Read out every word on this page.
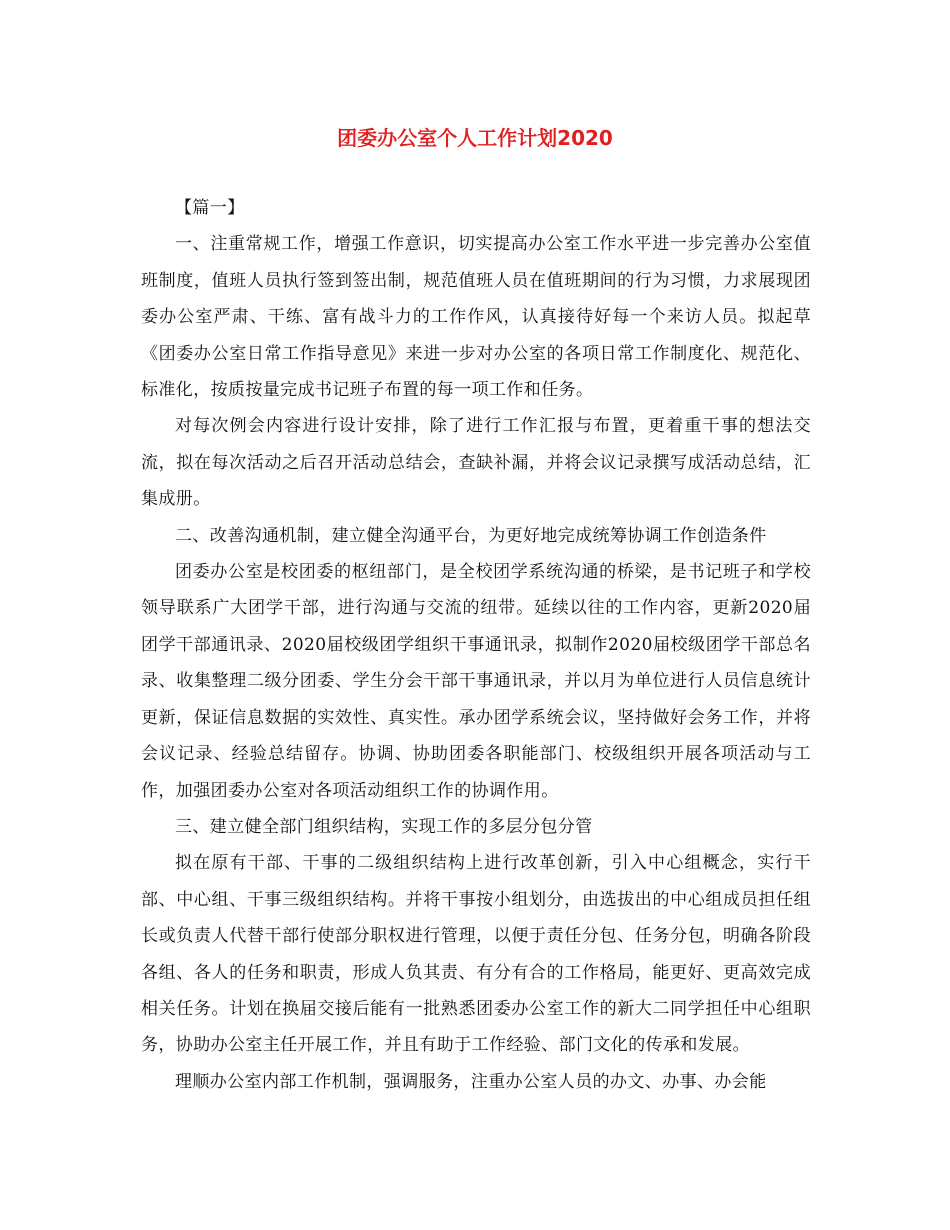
团委办公室个人工作计划2020

【篇一】

一、注重常规工作，增强工作意识，切实提高办公室工作水平进一步完善办公室值班制度，值班人员执行签到签出制，规范值班人员在值班期间的行为习惯，力求展现团委办公室严肃、干练、富有战斗力的工作作风，认真接待好每一个来访人员。拟起草《团委办公室日常工作指导意见》来进一步对办公室的各项日常工作制度化、规范化、标准化，按质按量完成书记班子布置的每一项工作和任务。

对每次例会内容进行设计安排，除了进行工作汇报与布置，更着重干事的想法交流，拟在每次活动之后召开活动总结会，查缺补漏，并将会议记录撰写成活动总结，汇集成册。

二、改善沟通机制，建立健全沟通平台，为更好地完成统筹协调工作创造条件

团委办公室是校团委的枢纽部门，是全校团学系统沟通的桥梁，是书记班子和学校领导联系广大团学干部，进行沟通与交流的纽带。延续以往的工作内容，更新2020届团学干部通讯录、2020届校级团学组织干事通讯录，拟制作2020届校级团学干部总名录、收集整理二级分团委、学生分会干部干事通讯录，并以月为单位进行人员信息统计更新，保证信息数据的实效性、真实性。承办团学系统会议，坚持做好会务工作，并将会议记录、经验总结留存。协调、协助团委各职能部门、校级组织开展各项活动与工作，加强团委办公室对各项活动组织工作的协调作用。

三、建立健全部门组织结构，实现工作的多层分包分管

拟在原有干部、干事的二级组织结构上进行改革创新，引入中心组概念，实行干部、中心组、干事三级组织结构。并将干事按小组划分，由选拔出的中心组成员担任组长或负责人代替干部行使部分职权进行管理，以便于责任分包、任务分包，明确各阶段各组、各人的任务和职责，形成人负其责、有分有合的工作格局，能更好、更高效完成相关任务。计划在换届交接后能有一批熟悉团委办公室工作的新大二同学担任中心组职务，协助办公室主任开展工作，并且有助于工作经验、部门文化的传承和发展。

理顺办公室内部工作机制，强调服务，注重办公室人员的办文、办事、办会能
